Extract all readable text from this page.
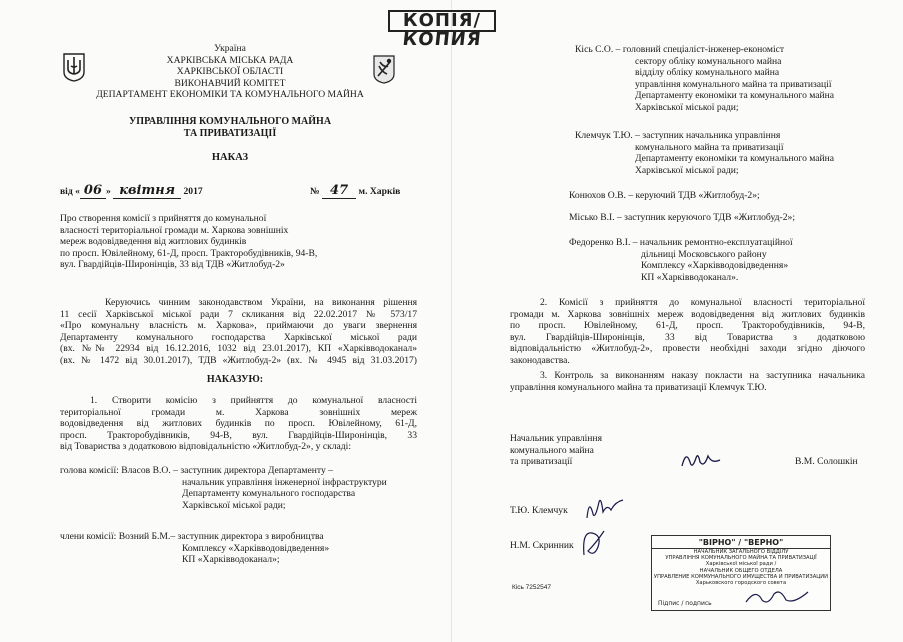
КОПІЯ/
КОПИЯ
Україна
ХАРКІВСЬКА МІСЬКА РАДА
ХАРКІВСЬКОЇ ОБЛАСТІ
ВИКОНАВЧИЙ КОМІТЕТ
ДЕПАРТАМЕНТ ЕКОНОМІКИ ТА КОМУНАЛЬНОГО МАЙНА
УПРАВЛІННЯ КОМУНАЛЬНОГО МАЙНА
ТА ПРИВАТИЗАЦІЇ
НАКАЗ
від « 06 » квітня 2017	№ 47 м. Харків
Про створення комісії з прийняття до комунальної
власності територіальної громади м. Харкова зовнішніх
мереж водовідведення від житлових будинків
по просп. Ювілейному, 61-Д, просп. Тракторобудівників, 94-В,
вул. Гвардійців-Широнінців, 33 від ТДВ «Житлобуд-2»
Керуючись чинним законодавством України, на виконання рішення
11 сесії Харківської міської ради 7 скликання від 22.02.2017 № 573/17
«Про комунальну власність м. Харкова», приймаючи до уваги звернення
Департаменту комунального господарства Харківської міської ради
(вх. №№ 22934 від 16.12.2016, 1032 від 23.01.2017), КП «Харківводоканал»
(вх. № 1472 від 30.01.2017), ТДВ «Житлобуд-2» (вх. № 4945 від 31.03.2017)
НАКАЗУЮ:
1. Створити комісію з прийняття до комунальної власності
територіальної громади м. Харкова зовнішніх мереж
водовідведення від житлових будинків по просп. Ювілейному, 61-Д,
просп. Тракторобудівників, 94-В, вул. Гвардійців-Широнінців, 33
від Товариства з додатковою відповідальністю «Житлобуд-2», у складі:
голова комісії: Власов В.О. – заступник директора Департаменту –
начальник управління інженерної інфраструктури
Департаменту комунального господарства
Харківської міської ради;
члени комісії: Возний Б.М.– заступник директора з виробництва
Комплексу «Харківводовідведення»
КП «Харківводоканал»;
Кісь С.О. – головний спеціаліст-інженер-економіст
сектору обліку комунального майна
відділу обліку комунального майна
управління комунального майна та приватизації
Департаменту економіки та комунального майна
Харківської міської ради;
Клемчук Т.Ю. – заступник начальника управління
комунального майна та приватизації
Департаменту економіки та комунального майна
Харківської міської ради;
Конюхов О.В. – керуючий ТДВ «Житлобуд-2»;
Місько В.І. – заступник керуючого ТДВ «Житлобуд-2»;
Федоренко В.І. – начальник ремонтно-експлуатаційної
дільниці Московського району
Комплексу «Харківводовідведення»
КП «Харківводоканал».
2. Комісії з прийняття до комунальної власності територіальної
громади м. Харкова зовнішніх мереж водовідведення від житлових будинків
по просп. Ювілейному, 61-Д, просп. Тракторобудівників, 94-В,
вул. Гвардійців-Широнінців, 33 від Товариства з додатковою
відповідальністю «Житлобуд-2», провести необхідні заходи згідно діючого
законодавства.
3. Контроль за виконанням наказу покласти на заступника начальника
управління комунального майна та приватизації Клемчук Т.Ю.
Начальник управління
комунального майна
та приватизації	В.М. Солошкін
Т.Ю. Клемчук
Н.М. Скринник
Кісь 7252547
"ВІРНО" / "ВЕРНО"
НАЧАЛЬНИК ЗАГАЛЬНОГО ВІДДІЛУ
УПРАВЛІННЯ КОМУНАЛЬНОГО МАЙНА ТА ПРИВАТИЗАЦІЇ
Харківської міської ради /
НАЧАЛЬНИК ОБЩЕГО ОТДЕЛА
УПРАВЛЕНИЕ КОММУНАЛЬНОГО ИМУЩЕСТВА И ПРИВАТИЗАЦИИ
Харьковского городского совета
Підпис / подпись
